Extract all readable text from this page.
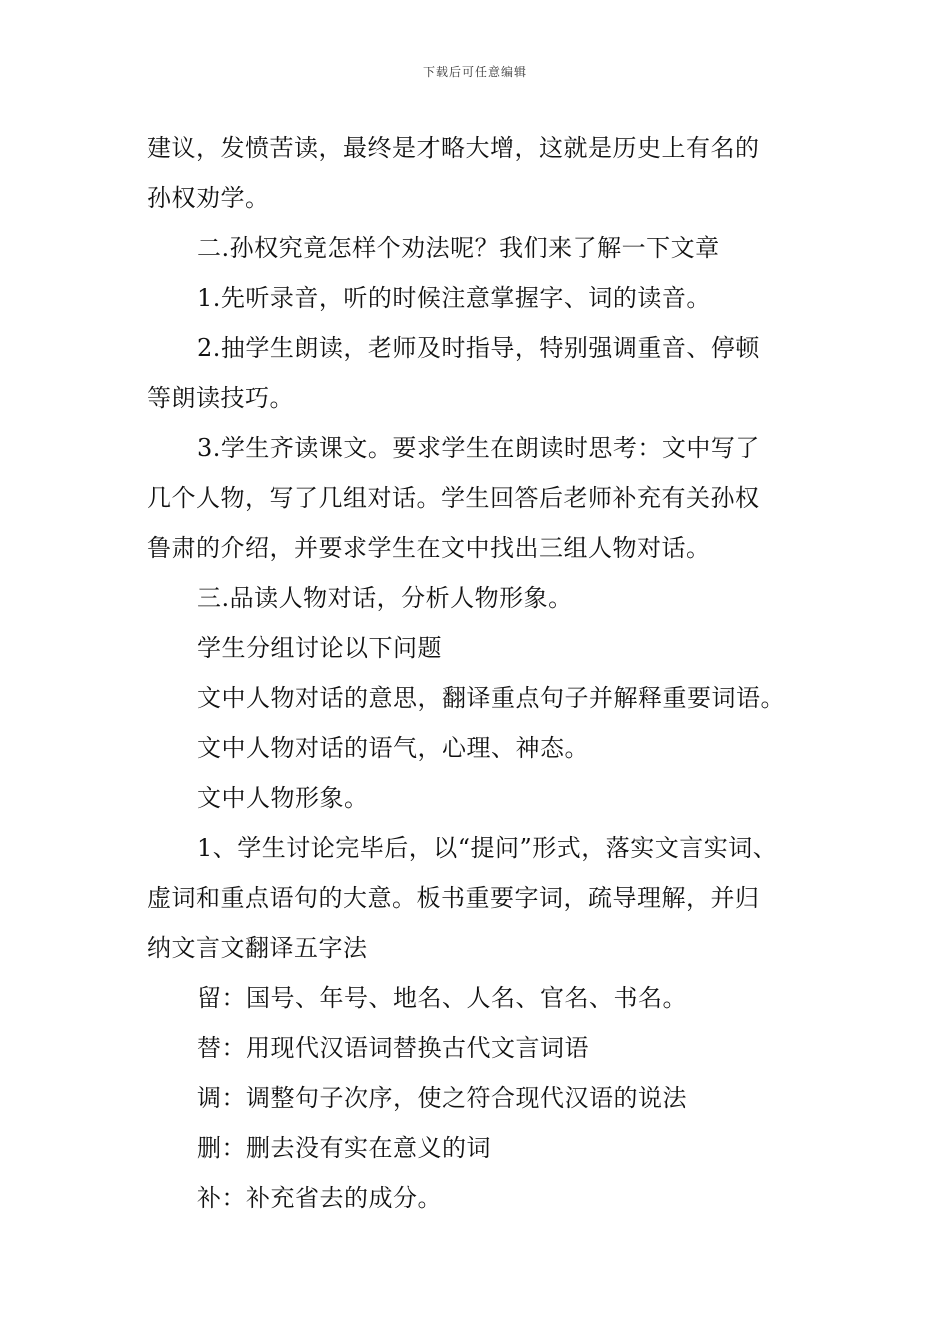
下载后可任意编辑
建议，发愤苦读，最终是才略大增，这就是历史上有名的
孙权劝学。
二.孙权究竟怎样个劝法呢？我们来了解一下文章
1.先听录音，听的时候注意掌握字、词的读音。
2.抽学生朗读，老师及时指导，特别强调重音、停顿
等朗读技巧。
3.学生齐读课文。要求学生在朗读时思考：文中写了
几个人物，写了几组对话。学生回答后老师补充有关孙权
鲁肃的介绍，并要求学生在文中找出三组人物对话。
三.品读人物对话，分析人物形象。
学生分组讨论以下问题
文中人物对话的意思，翻译重点句子并解释重要词语。
文中人物对话的语气，心理、神态。
文中人物形象。
1、学生讨论完毕后，以“提问”形式，落实文言实词、
虚词和重点语句的大意。板书重要字词，疏导理解，并归
纳文言文翻译五字法
留：国号、年号、地名、人名、官名、书名。
替：用现代汉语词替换古代文言词语
调：调整句子次序，使之符合现代汉语的说法
删：删去没有实在意义的词
补：补充省去的成分。
